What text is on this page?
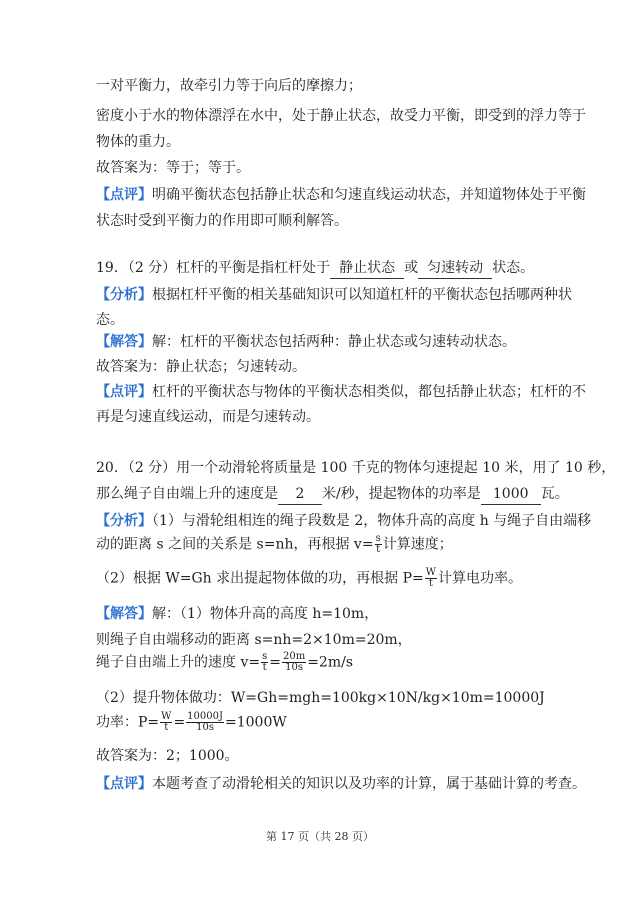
一对平衡力，故牵引力等于向后的摩擦力；
密度小于水的物体漂浮在水中，处于静止状态，故受力平衡，即受到的浮力等于
物体的重力。
故答案为：等于；等于。
【点评】明确平衡状态包括静止状态和匀速直线运动状态，并知道物体处于平衡
状态时受到平衡力的作用即可顺利解答。
19．（2 分）杠杆的平衡是指杠杆处于 静止状态 或 匀速转动 状态。
【分析】根据杠杆平衡的相关基础知识可以知道杠杆的平衡状态包括哪两种状
态。
【解答】解：杠杆的平衡状态包括两种：静止状态或匀速转动状态。
故答案为：静止状态；匀速转动。
【点评】杠杆的平衡状态与物体的平衡状态相类似，都包括静止状态；杠杆的不
再是匀速直线运动，而是匀速转动。
20．（2 分）用一个动滑轮将质量是 100 千克的物体匀速提起 10 米，用了 10 秒，
那么绳子自由端上升的速度是 2 米/秒，提起物体的功率是 1000 瓦。
【分析】（1）与滑轮组相连的绳子段数是 2，物体升高的高度 h 与绳子自由端移
动的距离 s 之间的关系是 s=nh，再根据 $v= \frac{s}{t}$ 计算速度；
（2）根据 W=Gh 求出提起物体做的功，再根据 $P= \frac{W}{t}$ 计算电功率。
【解答】解：（1）物体升高的高度 h=10m，
则绳子自由端移动的距离 s=nh=2×10m=20m，
绳子自由端上升的速度 $v= \frac{s}{t} = \frac{20m}{10s} =2m/s$
（2）提升物体做功：W=Gh=mgh=100kg×10N/kg×10m=10000J
功率：$P= \frac{W}{t} = \frac{10000J}{10s} =1000W$
故答案为：2；1000。
【点评】本题考查了动滑轮相关的知识以及功率的计算，属于基础计算的考查。
第 17 页（共 28 页）
